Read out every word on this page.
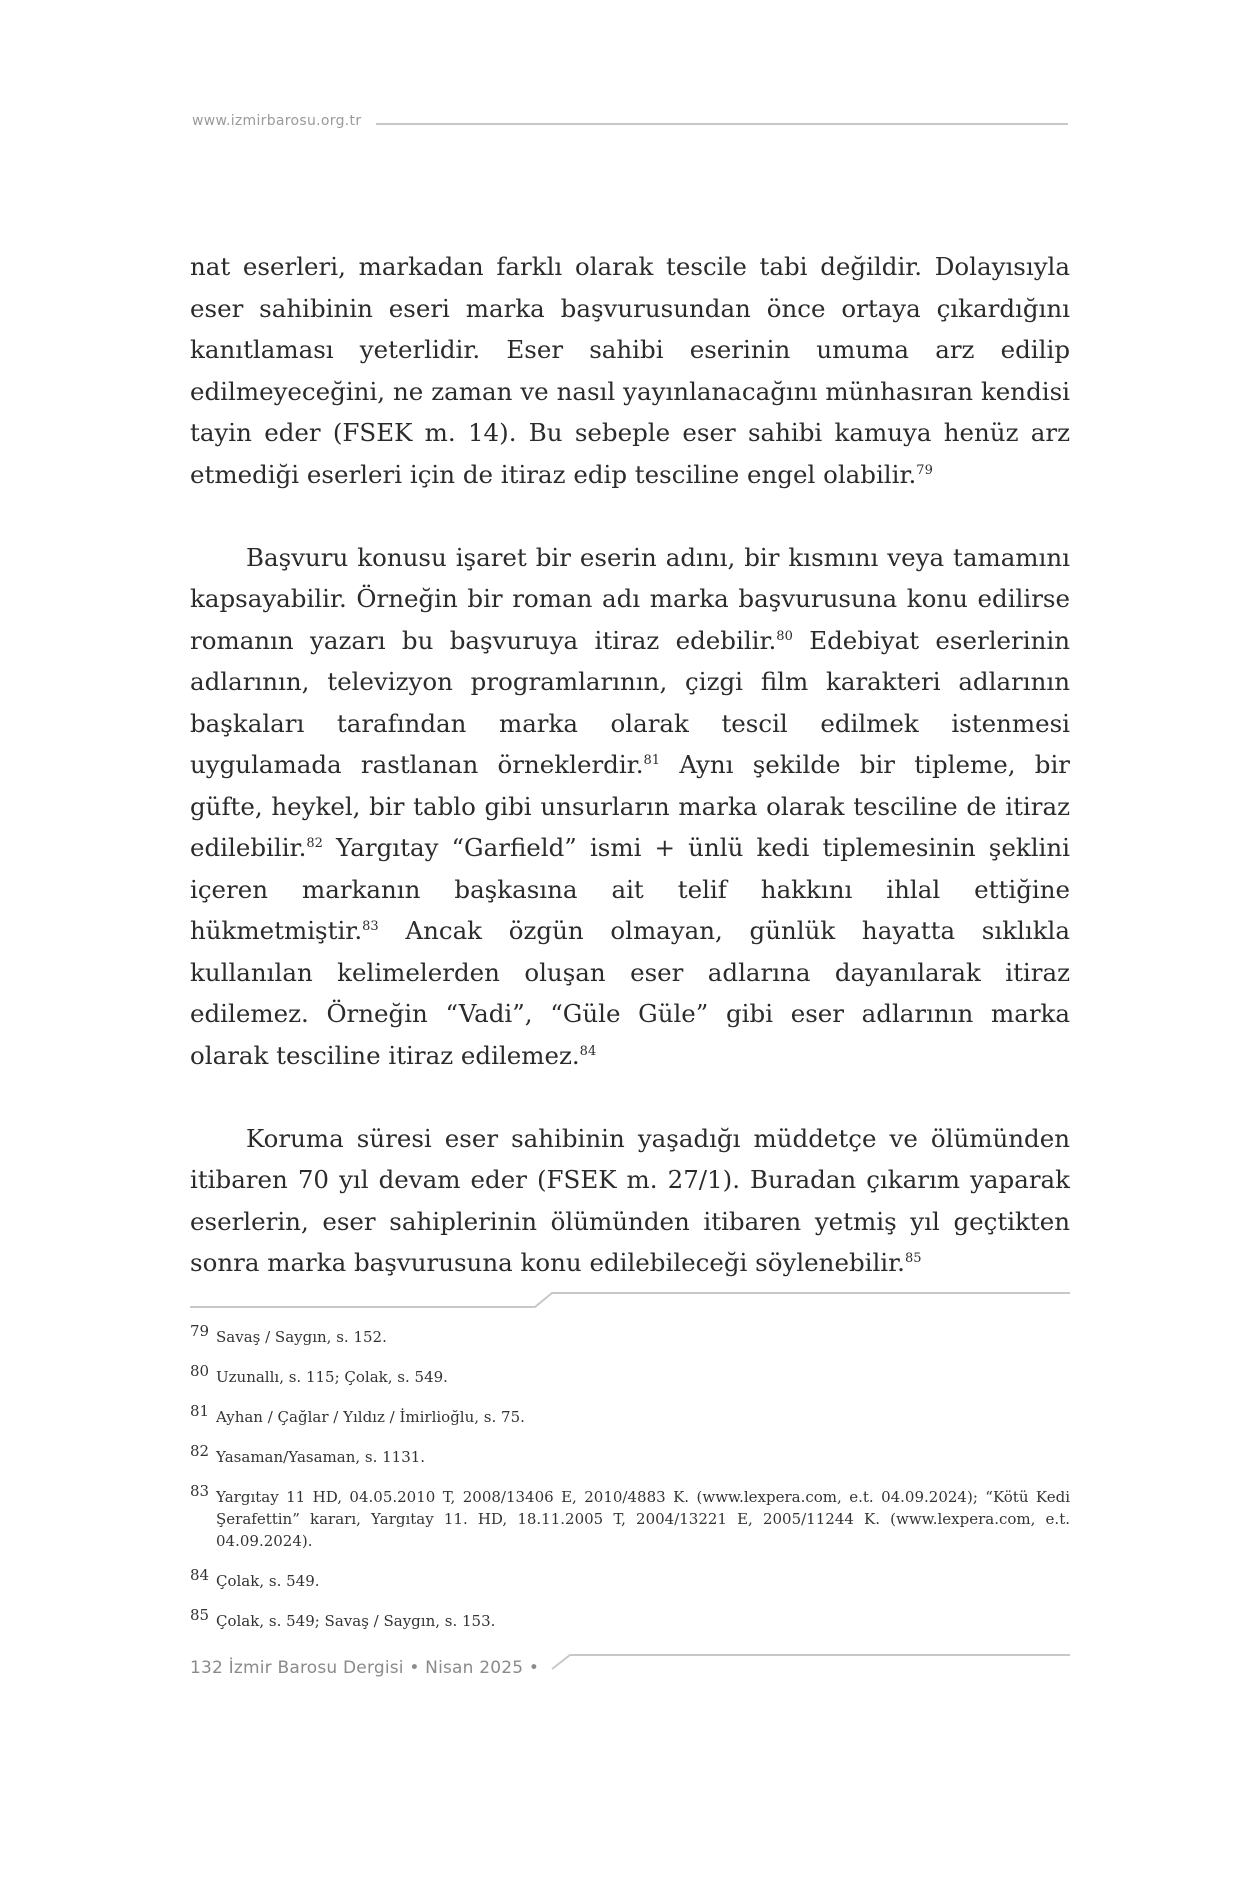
www.izmirbarosu.org.tr

nat eserleri, markadan farklı olarak tescile tabi değildir. Dolayısıyla eser sahibinin eseri marka başvurusundan önce ortaya çıkardığını kanıtlaması yeterlidir. Eser sahibi eserinin umuma arz edilip edilmeyeceğini, ne zaman ve nasıl yayınlanacağını münhasıran kendisi tayin eder (FSEK m. 14). Bu sebeple eser sahibi kamuya henüz arz etmediği eserleri için de itiraz edip tesciline engel olabilir.$^{79}$

Başvuru konusu işaret bir eserin adını, bir kısmını veya tamamını kapsayabilir. Örneğin bir roman adı marka başvurusuna konu edilirse romanın yazarı bu başvuruya itiraz edebilir.$^{80}$ Edebiyat eserlerinin adlarının, televizyon programlarının, çizgi film karakteri adlarının başkaları tarafından marka olarak tescil edilmek istenmesi uygulamada rastlanan örneklerdir.$^{81}$ Aynı şekilde bir tipleme, bir güfte, heykel, bir tablo gibi unsurların marka olarak tesciline de itiraz edilebilir.$^{82}$ Yargıtay “Garfield” ismi + ünlü kedi tiplemesinin şeklini içeren markanın başkasına ait telif hakkını ihlal ettiğine hükmetmiştir.$^{83}$ Ancak özgün olmayan, günlük hayatta sıklıkla kullanılan kelimelerden oluşan eser adlarına dayanılarak itiraz edilemez. Örneğin “Vadi”, “Güle Güle” gibi eser adlarının marka olarak tesciline itiraz edilemez.$^{84}$

Koruma süresi eser sahibinin yaşadığı müddetçe ve ölümünden itibaren 70 yıl devam eder (FSEK m. 27/1). Buradan çıkarım yaparak eserlerin, eser sahiplerinin ölümünden itibaren yetmiş yıl geçtikten sonra marka başvurusuna konu edilebileceği söylenebilir.$^{85}$

79 Savaş / Saygın, s. 152.
80 Uzunallı, s. 115; Çolak, s. 549.
81 Ayhan / Çağlar / Yıldız / İmirlioğlu, s. 75.
82 Yasaman/Yasaman, s. 1131.
83 Yargıtay 11 HD, 04.05.2010 T, 2008/13406 E, 2010/4883 K. (www.lexpera.com, e.t. 04.09.2024); “Kötü Kedi Şerafettin” kararı, Yargıtay 11. HD, 18.11.2005 T, 2004/13221 E, 2005/11244 K. (www.lexpera.com, e.t. 04.09.2024).
84 Çolak, s. 549.
85 Çolak, s. 549; Savaş / Saygın, s. 153.
132 İzmir Barosu Dergisi • Nisan 2025 •
